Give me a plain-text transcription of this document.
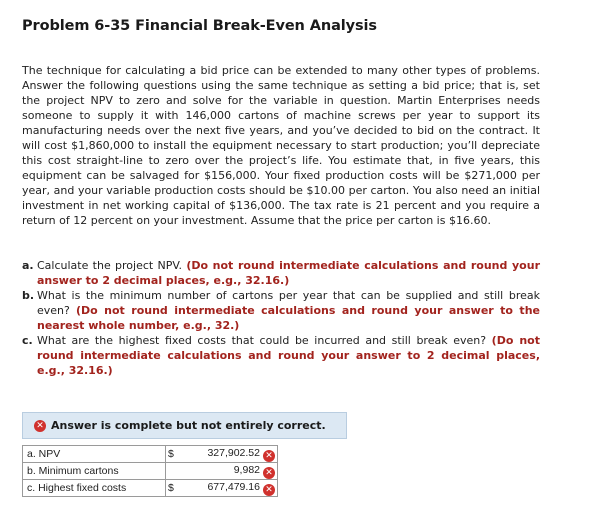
Problem 6-35 Financial Break-Even Analysis
The technique for calculating a bid price can be extended to many other types of problems. Answer the following questions using the same technique as setting a bid price; that is, set the project NPV to zero and solve for the variable in question. Martin Enterprises needs someone to supply it with 146,000 cartons of machine screws per year to support its manufacturing needs over the next five years, and you’ve decided to bid on the contract. It will cost $1,860,000 to install the equipment necessary to start production; you’ll depreciate this cost straight-line to zero over the project’s life. You estimate that, in five years, this equipment can be salvaged for $156,000. Your fixed production costs will be $271,000 per year, and your variable production costs should be $10.00 per carton. You also need an initial investment in net working capital of $136,000. The tax rate is 21 percent and you require a return of 12 percent on your investment. Assume that the price per carton is $16.60.
a. Calculate the project NPV. (Do not round intermediate calculations and round your answer to 2 decimal places, e.g., 32.16.)
b. What is the minimum number of cartons per year that can be supplied and still break even? (Do not round intermediate calculations and round your answer to the nearest whole number, e.g., 32.)
c. What are the highest fixed costs that could be incurred and still break even? (Do not round intermediate calculations and round your answer to 2 decimal places, e.g., 32.16.)
✕ Answer is complete but not entirely correct.
a. NPV	$	327,902.52 ✕
b. Minimum cartons		9,982 ✕
c. Highest fixed costs	$	677,479.16 ✕
